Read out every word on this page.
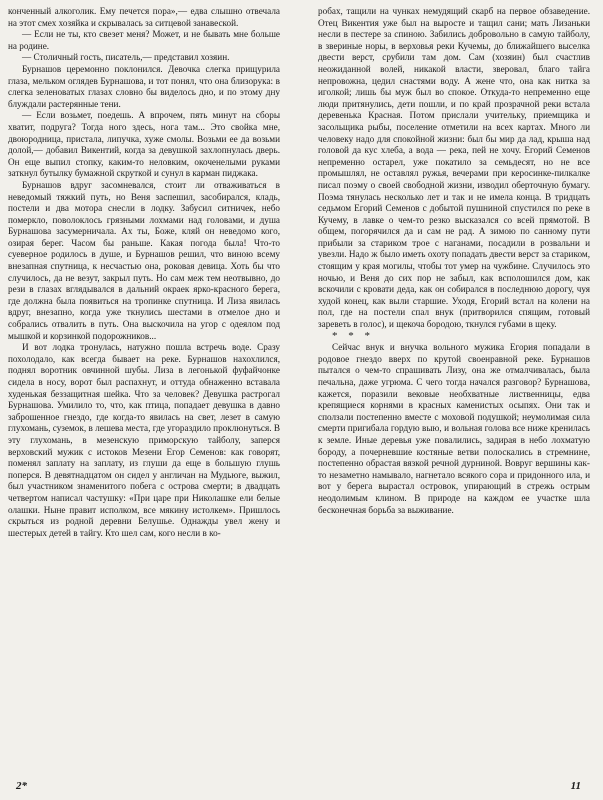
конченный алкоголик. Ему печется пора»,— едва слышно отвечала на этот смех хозяйка и скрывалась за ситцевой занавеской.

— Если не ты, кто свезет меня? Может, и не бывать мне больше на родине.

— Столичный гость, писатель,— представил хозяин.

Бурнашов церемонно поклонился. Девочка слегка прищурила глаза, мельком оглядев Бурнашова, и тот понял, что она близорука: в слегка зеленоватых глазах словно бы виделось дно, и по этому дну блуждали растерянные тени.

— Если возьмет, поедешь. А впрочем, пять минут на сборы хватит, подруга? Тогда ного здесь, нога там... Это свойка мне, двоюродница, пристала, липучка, хуже смолы. Возьми ее да возьми долой,— добавил Викентий, когда за девушкой захлопнулась дверь. Он еще выпил стопку, каким-то неловким, окоченелыми руками заткнул бутылку бумажной скруткой и сунул в карман пиджака.

Бурнашов вдруг засомневался, стоит ли отваживаться в неведомый тяжкий путь, но Веня заспешил, засобирался, кладь, постели и два мотора снесли в лодку. Забусил ситничек, небо померкло, поволоклось грязными лохмами над головами, и душа Бурнашова засумерничала. Ах ты, Боже, кляй он неведомо кого, озирая берег. Часом бы раньше. Какая погода была! Что-то суеверное родилось в душе, и Бурнашов решил, что виною всему внезапная спутница, к несчастью она, роковая девица. Хоть бы что случилось, да не везут, закрыл путь. Но сам меж тем неотвывно, до рези в глазах вглядывался в дальний окраек ярко-красного берега, где должна была появиться на тропинке спутница. И Лиза явилась вдруг, внезапно, когда уже ткнулись шестами в отмелое дно и собрались отвалить в путь. Она выскочила на угор с одеялом под мышкой и корзинкой подорожников...

И вот лодка тронулась, натужно пошла встречь воде. Сразу похолодало, как всегда бывает на реке. Бурнашов нахохлился, поднял воротник овчинной шубы. Лиза в легонькой фуфайчонке сидела в носу, ворот был распахнут, и оттуда обнаженно вставала худенькая беззащитная шейка. Что за человек? Девушка растрогал Бурнашова. Умилило то, что, как птица, попадает девушка в давно заброшенное гнездо, где когда-то явилась на свет, лезет в самую глухомань, суземок, в лешева места, где угораздило проклюнуться. В эту глухомань, в мезенскую приморскую тайболу, заперся верховский мужик с истоков Мезени Егор Семенов: как говорят, поменял заплату на заплату, из глуши да еще в большую глушь поперся. В девятнадцатом он сидел у англичан на Мудьюге, выжил, был участником знаменитого побега с острова смерти; в двадцать четвертом написал частушку: «При царе при Николашке ели белые олашки. Ныне правит исполком, все мякину истолкем». Пришлось скрыться из родной деревни Белушье. Однажды увел жену и шестерых детей в тайгу. Кто шел сам, кого несли в ко-

робах, тащили на чунках немудящий скарб на первое обзаведение. Отец Викентия уже был на выросте и тащил сани; мать Лизаньки несли в пестере за спиною. Забились добровольно в самую тайболу, в звериные норы, в верховья реки Кучемы, до ближайшего выселка двести верст, срубили там дом. Сам (хозяин) был счастлив неожиданной волей, никакой власти, зверовал, благо тайга непровожна, цедил снастями воду. А жене что, она как нитка за иголкой; лишь бы муж был во спокое. Откуда-то непременно еще люди притянулись, дети пошли, и по край прозрачной реки встала деревенька Красная. Потом прислали учительку, приемщика и засольщика рыбы, поселение отметили на всех картах. Много ли человеку надо для спокойной жизни: был бы мир да лад, крыша над головой да кус хлеба, а вода — река, пей не хочу. Егорий Семенов непременно остарел, уже покатило за семьдесят, но не все промышлял, не оставлял ружья, вечерами при керосинке-пилкалке писал поэму о своей свободной жизни, изводил оберточную бумагу. Поэма тянулась несколько лет и так и не имела конца. В тридцать седьмом Егорий Семенов с добытой пушниной спустился по реке в Кучему, в лавке о чем-то резко высказался со всей прямотой. В общем, погорячился да и сам не рад. А зимою по санному пути прибыли за стариком трое с наганами, посадили в розвальни и увезли. Надо ж было иметь охоту попадать двести верст за стариком, стоящим у края могилы, чтобы тот умер на чужбине. Случилось это ночью, и Веня до сих пор не забыл, как всполошился дом, как вскочили с кровати деда, как он собирался в последнюю дорогу, чуя худой конец, как выли старшие. Уходя, Егорий встал на колени на пол, где на постели спал внук (притворился спящим, готовый зареветь в голос), и щекоча бородою, ткнулся губами в щеку.

* * *

Сейчас внук и внучка вольного мужика Егория попадали в родовое гнездо вверх по крутой своенравной реке. Бурнашов пытался о чем-то спрашивать Лизу, она же отмалчивалась, была печальна, даже угрюма. С чего тогда начался разговор? Бурнашова, кажется, поразили вековые необхватные лиственницы, едва крепящиеся корнями в красных каменистых осыпях. Они так и сползали постепенно вместе с моховой подушкой; неумолимая сила смерти пригибала гордую выю, и вольная голова все ниже кренилась к земле. Иные деревья уже повалились, задирая в небо лохматую бороду, а почерневшие костяные ветви полоскались в стремнине, постепенно обрастая вязкой речной дурниной. Вовруг вершины как-то незаметно намывало, нагнетало всякого сора и придонного ила, и вот у берега вырастал островок, упирающий в стрежь острым неодолимым клином. В природе на каждом ее участке шла бесконечная борьба за выживание.

2*	11
